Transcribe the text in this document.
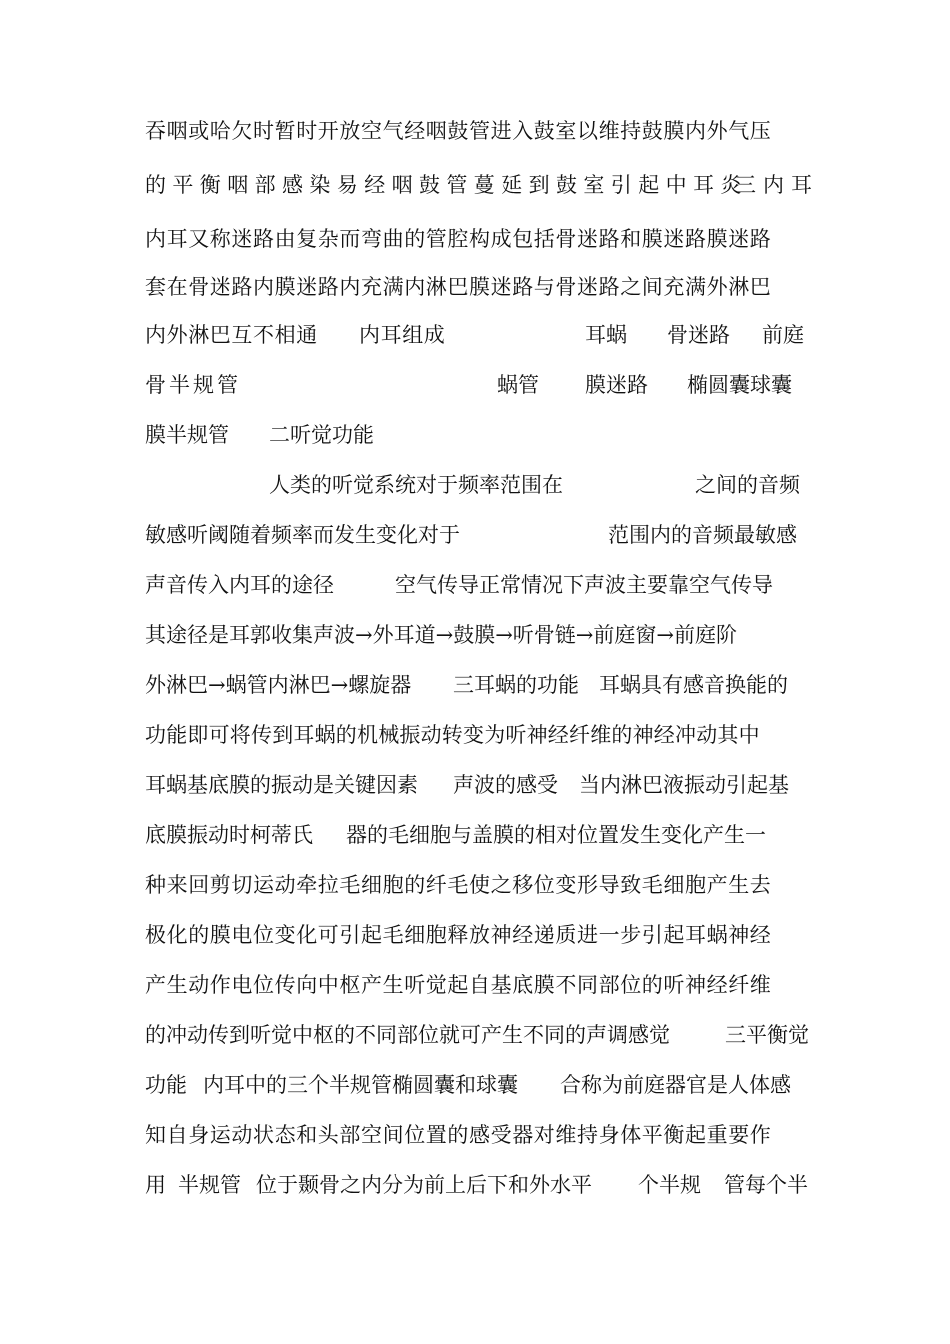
吞咽或哈欠时暂时开放空气经咽鼓管进入鼓室以维持鼓膜内外气压
的平衡咽部感染易经咽鼓管蔓延到鼓室引起中耳炎
三内耳
内耳又称迷路由复杂而弯曲的管腔构成包括骨迷路和膜迷路膜迷路
套在骨迷路内膜迷路内充满内淋巴膜迷路与骨迷路之间充满外淋巴
内外淋巴互不相通 内耳组成	耳蜗 骨迷路 前庭
骨半规管	蜗管 膜迷路 椭圆囊球囊
膜半规管 二听觉功能
人类的听觉系统对于频率范围在	之间的音频
敏感听阈随着频率而发生变化对于	范围内的音频最敏感
声音传入内耳的途径	空气传导正常情况下声波主要靠空气传导
其途径是耳郭收集声波→外耳道→鼓膜→听骨链→前庭窗→前庭阶
外淋巴→蜗管内淋巴→螺旋器 三耳蜗的功能 耳蜗具有感音换能的
功能即可将传到耳蜗的机械振动转变为听神经纤维的神经冲动其中
耳蜗基底膜的振动是关键因素 声波的感受 当内淋巴液振动引起基
底膜振动时柯蒂氏 器的毛细胞与盖膜的相对位置发生变化产生一
种来回剪切运动牵拉毛细胞的纤毛使之移位变形导致毛细胞产生去
极化的膜电位变化可引起毛细胞释放神经递质进一步引起耳蜗神经
产生动作电位传向中枢产生听觉起自基底膜不同部位的听神经纤维
的冲动传到听觉中枢的不同部位就可产生不同的声调感觉	三平衡觉
功能 内耳中的三个半规管椭圆囊和球囊 合称为前庭器官是人体感
知自身运动状态和头部空间位置的感受器对维持身体平衡起重要作
用 半规管 位于颞骨之内分为前上后下和外水平 个半规 管每个半
